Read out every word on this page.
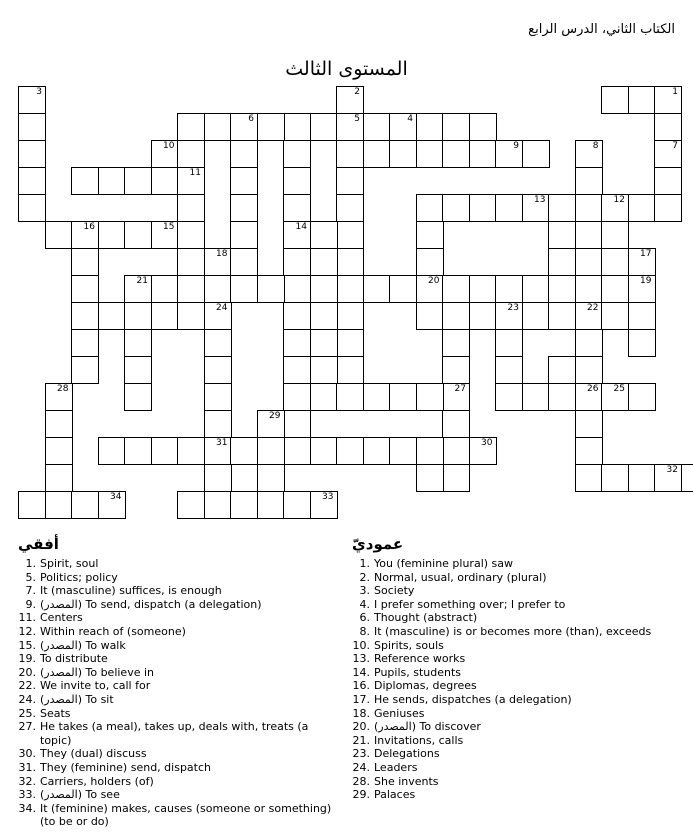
الكتاب الثاني، الدرس الرابع
المستوى الثالث
1
2
3
4
5
6
7
8
9
10
11
12
13
14
15
16
17
18
19
20
21
22
23
24
25
26
27
28
29
30
31
32
33
34
أفقي
1. Spirit, soul
5. Politics; policy
7. It (masculine) suffices, is enough
9. (المصدر) To send, dispatch (a delegation)
11. Centers
12. Within reach of (someone)
15. (المصدر) To walk
19. To distribute
20. (المصدر) To believe in
22. We invite to, call for
24. (المصدر) To sit
25. Seats
27. He takes (a meal), takes up, deals with, treats (a topic)
30. They (dual) discuss
31. They (feminine) send, dispatch
32. Carriers, holders (of)
33. (المصدر) To see
34. It (feminine) makes, causes (someone or something) (to be or do)
عموديّ
1. You (feminine plural) saw
2. Normal, usual, ordinary (plural)
3. Society
4. I prefer something over; I prefer to
6. Thought (abstract)
8. It (masculine) is or becomes more (than), exceeds
10. Spirits, souls
13. Reference works
14. Pupils, students
16. Diplomas, degrees
17. He sends, dispatches (a delegation)
18. Geniuses
20. (المصدر) To discover
21. Invitations, calls
23. Delegations
24. Leaders
28. She invents
29. Palaces
